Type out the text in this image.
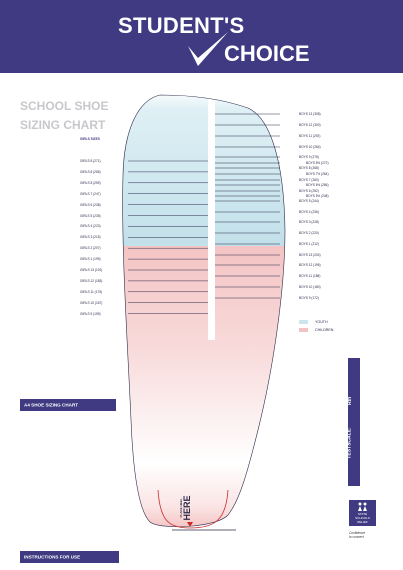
STUDENT'S
CHOICE
SCHOOL SHOE
SIZING CHART
GIRLS SIZES
GIRLS 8 (271)
GIRLS 8 (265)
GIRLS 8 (259)
GIRLS 7 (247)
GIRLS 6 (238)
GIRLS 5 (235)
GIRLS 4 (223)
GIRLS 3 (215)
GIRLS 2 (207)
GIRLS 1 (199)
GIRLS 13 (191)
GIRLS 12 (183)
GIRLS 11 (175)
GIRLS 10 (167)
GIRLS 9 (159)
BOYS 13 (308)
BOYS 12 (300)
BOYS 11 (292)
BOYS 10 (284)
BOYS 9 (276)
BOYS 8½ (272)
BOYS 8 (268)
BOYS 7½ (264)
BOYS 7 (260)
BOYS 6½ (256)
BOYS 6 (252)
BOYS 5½ (248)
BOYS 5 (244)
BOYS 4 (236)
BOYS 3 (228)
BOYS 2 (220)
BOYS 1 (212)
BOYS 13 (204)
BOYS 12 (196)
BOYS 11 (188)
BOYS 10 (180)
BOYS 9 (172)
PLACE HEEL HERE
YOUTH
CHILDREN
A4 SHOE SIZING CHART
INSTRUCTIONS FOR USE
TESTSCALE:
Rth
STATE
SCHOOLS
RELIEF
Confidence
to connect
